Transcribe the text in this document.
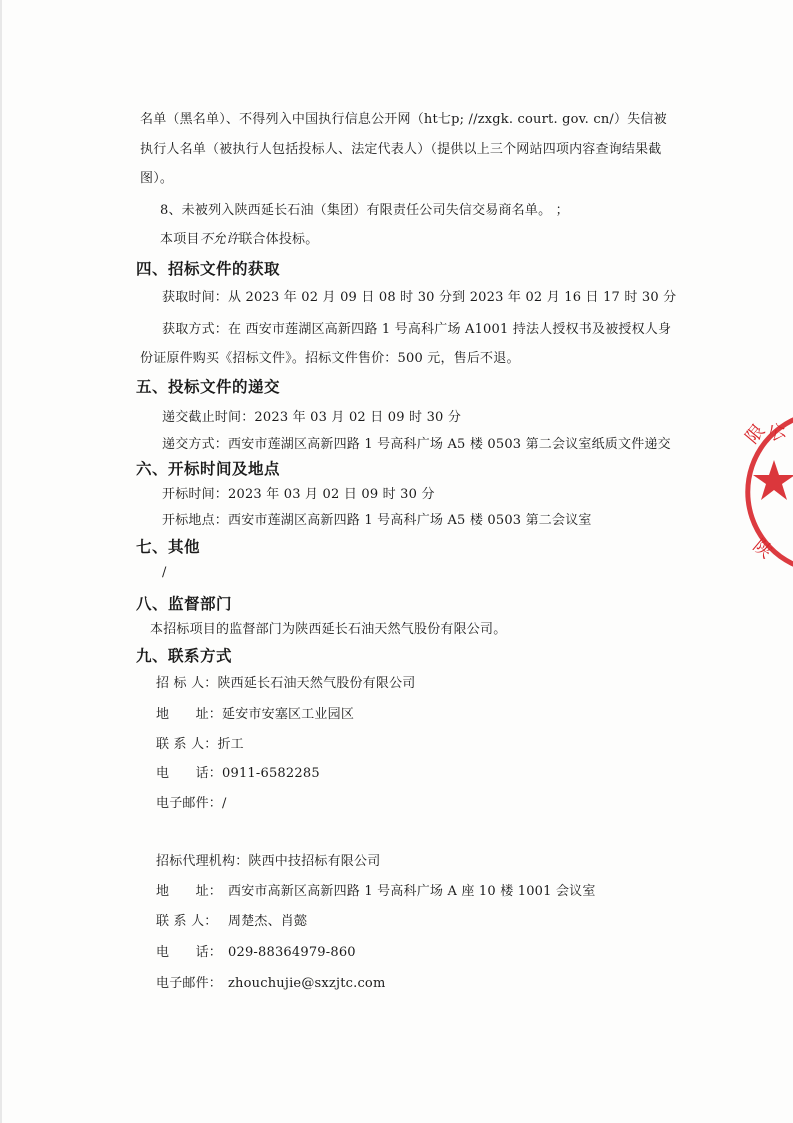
名单（黑名单）、不得列入中国执行信息公开网（ht七p; //zxgk. court. gov. cn/）失信被
执行人名单（被执行人包括投标人、法定代表人）（提供以上三个网站四项内容查询结果截
图）。
8、未被列入陕西延长石油（集团）有限责任公司失信交易商名单。 ；
本项目不允许联合体投标。
四、招标文件的获取
获取时间：从 2023 年 02 月 09 日 08 时 30 分到 2023 年 02 月 16 日 17 时 30 分
获取方式：在 西安市莲湖区高新四路 1 号高科广场 A1001 持法人授权书及被授权人身
份证原件购买《招标文件》。招标文件售价：500 元，售后不退。
五、投标文件的递交
递交截止时间：2023 年 03 月 02 日 09 时 30 分
递交方式：西安市莲湖区高新四路 1 号高科广场 A5 楼 0503 第二会议室纸质文件递交
六、开标时间及地点
开标时间：2023 年 03 月 02 日 09 时 30 分
开标地点：西安市莲湖区高新四路 1 号高科广场 A5 楼 0503 第二会议室
七、其他
/
八、监督部门
本招标项目的监督部门为陕西延长石油天然气股份有限公司。
九、联系方式
招 标 人：陕西延长石油天然气股份有限公司
地　　址：延安市安塞区工业园区
联 系 人：折工
电　　话：0911-6582285
电子邮件：/
招标代理机构：陕西中技招标有限公司
地　　址： 西安市高新区高新四路 1 号高科广场 A 座 10 楼 1001 会议室
联 系 人： 周楚杰、肖懿
电　　话： 029-88364979-860
电子邮件： zhouchujie@sxzjtc.com
公
限
陕
